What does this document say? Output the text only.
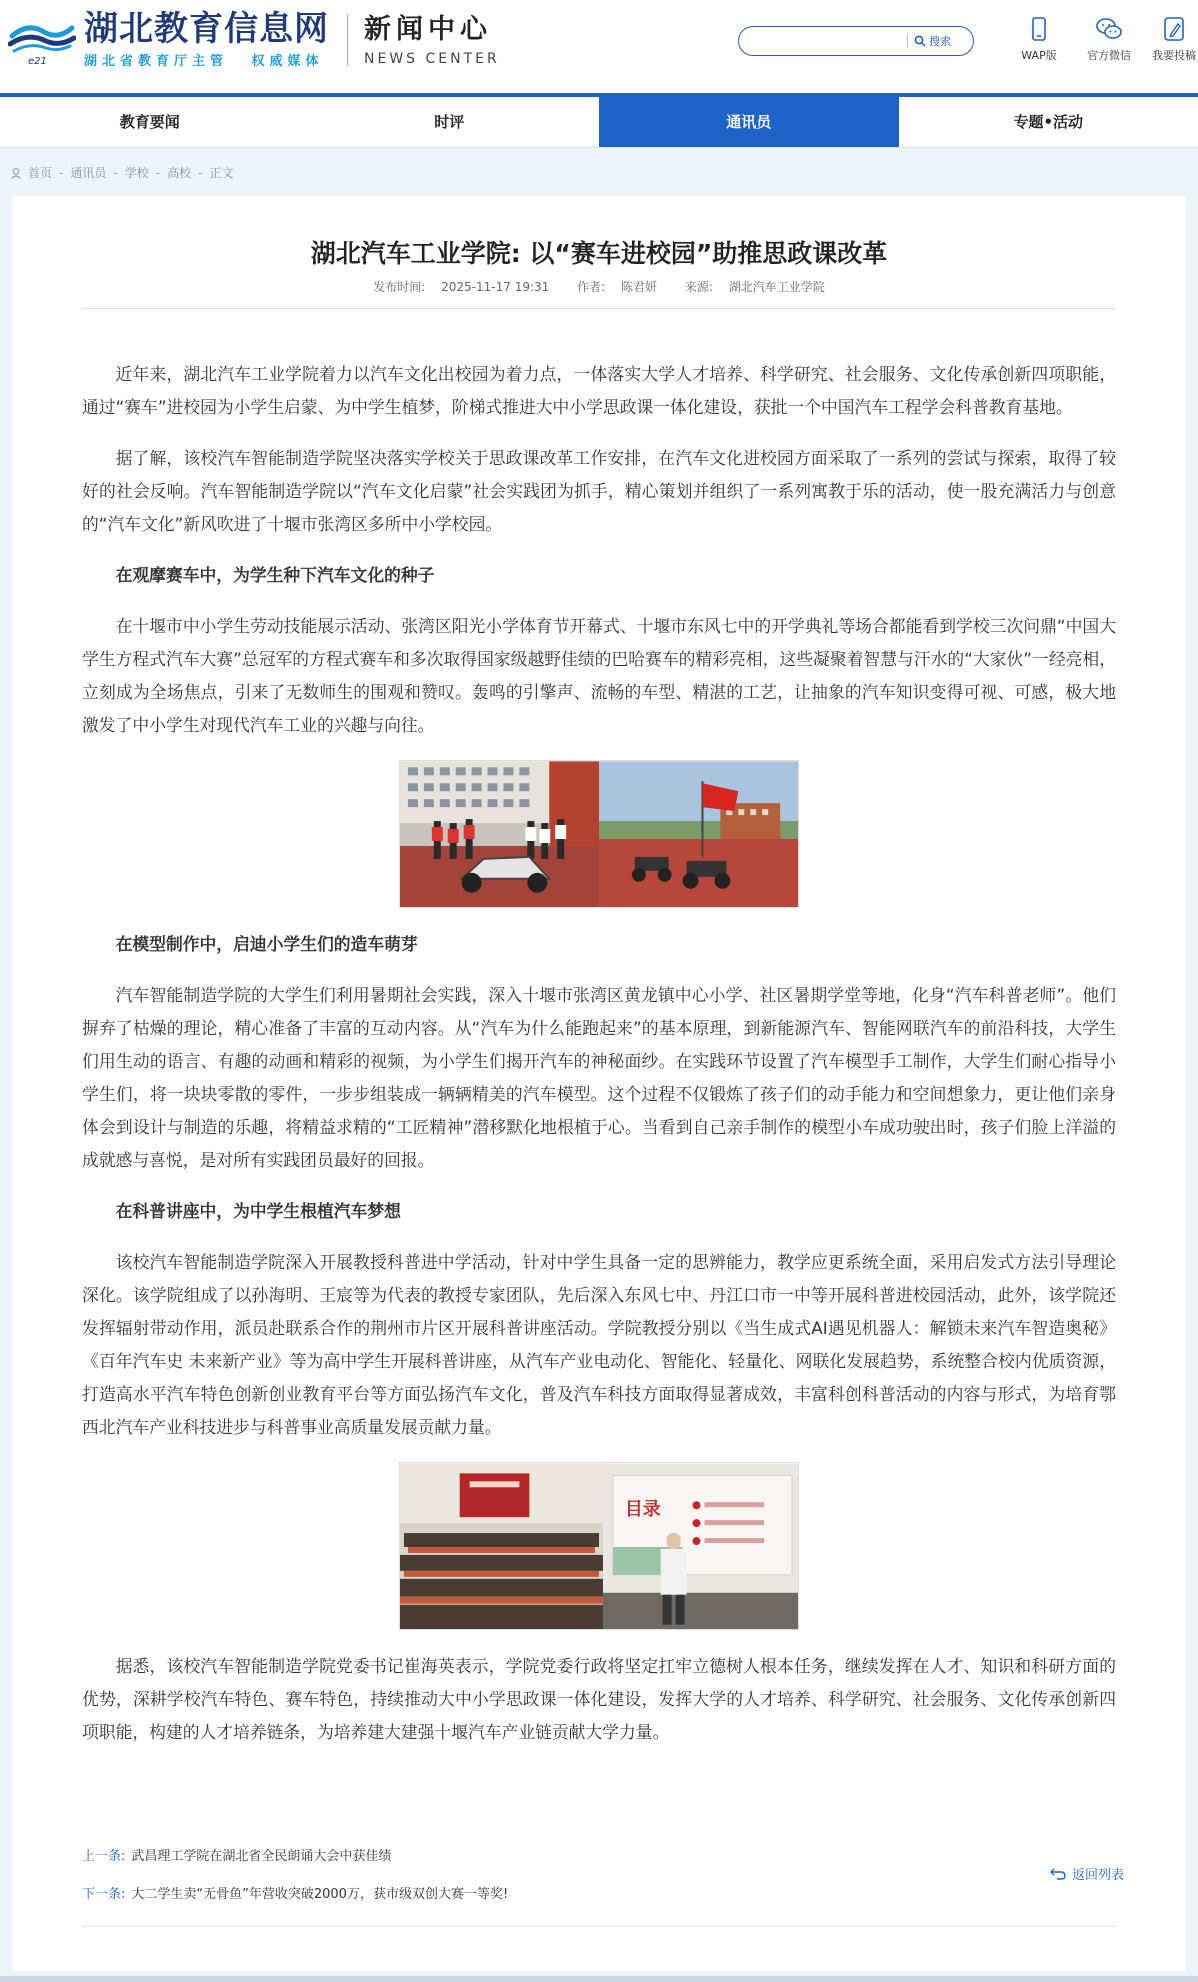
e21
湖北教育信息网
湖北省教育厅主管 权威媒体
新闻中心
NEWS CENTER
搜索
WAP版	官方微信	我要投稿
教育要闻	时评	通讯员	专题•活动
首页 - 通讯员 - 学校 - 高校 - 正文
湖北汽车工业学院: 以“赛车进校园”助推思政课改革
发布时间: 2025-11-17 19:31 作者: 陈君妍 来源: 湖北汽车工业学院

近年来，湖北汽车工业学院着力以汽车文化出校园为着力点，一体落实大学人才培养、科学研究、社会服务、文化传承创新四项职能，通过“赛车”进校园为小学生启蒙、为中学生植梦，阶梯式推进大中小学思政课一体化建设，获批一个中国汽车工程学会科普教育基地。

据了解，该校汽车智能制造学院坚决落实学校关于思政课改革工作安排，在汽车文化进校园方面采取了一系列的尝试与探索，取得了较好的社会反响。汽车智能制造学院以“汽车文化启蒙”社会实践团为抓手，精心策划并组织了一系列寓教于乐的活动，使一股充满活力与创意的“汽车文化”新风吹进了十堰市张湾区多所中小学校园。

在观摩赛车中，为学生种下汽车文化的种子

在十堰市中小学生劳动技能展示活动、张湾区阳光小学体育节开幕式、十堰市东风七中的开学典礼等场合都能看到学校三次问鼎“中国大学生方程式汽车大赛”总冠军的方程式赛车和多次取得国家级越野佳绩的巴哈赛车的精彩亮相，这些凝聚着智慧与汗水的“大家伙”一经亮相，立刻成为全场焦点，引来了无数师生的围观和赞叹。轰鸣的引擎声、流畅的车型、精湛的工艺，让抽象的汽车知识变得可视、可感，极大地激发了中小学生对现代汽车工业的兴趣与向往。

在模型制作中，启迪小学生们的造车萌芽

汽车智能制造学院的大学生们利用暑期社会实践，深入十堰市张湾区黄龙镇中心小学、社区暑期学堂等地，化身“汽车科普老师”。他们摒弃了枯燥的理论，精心准备了丰富的互动内容。从“汽车为什么能跑起来”的基本原理，到新能源汽车、智能网联汽车的前沿科技，大学生们用生动的语言、有趣的动画和精彩的视频，为小学生们揭开汽车的神秘面纱。在实践环节设置了汽车模型手工制作，大学生们耐心指导小学生们，将一块块零散的零件，一步步组装成一辆辆精美的汽车模型。这个过程不仅锻炼了孩子们的动手能力和空间想象力，更让他们亲身体会到设计与制造的乐趣，将精益求精的“工匠精神”潜移默化地根植于心。当看到自己亲手制作的模型小车成功驶出时，孩子们脸上洋溢的成就感与喜悦，是对所有实践团员最好的回报。

在科普讲座中，为中学生根植汽车梦想

该校汽车智能制造学院深入开展教授科普进中学活动，针对中学生具备一定的思辨能力，教学应更系统全面，采用启发式方法引导理论深化。该学院组成了以孙海明、王宸等为代表的教授专家团队，先后深入东风七中、丹江口市一中等开展科普进校园活动，此外，该学院还发挥辐射带动作用，派员赴联系合作的荆州市片区开展科普讲座活动。学院教授分别以《当生成式AI遇见机器人：解锁未来汽车智造奥秘》《百年汽车史 未来新产业》等为高中学生开展科普讲座，从汽车产业电动化、智能化、轻量化、网联化发展趋势，系统整合校内优质资源，打造高水平汽车特色创新创业教育平台等方面弘扬汽车文化，普及汽车科技方面取得显著成效，丰富科创科普活动的内容与形式，为培育鄂西北汽车产业科技进步与科普事业高质量发展贡献力量。

目录

据悉，该校汽车智能制造学院党委书记崔海英表示，学院党委行政将坚定扛牢立德树人根本任务，继续发挥在人才、知识和科研方面的优势，深耕学校汽车特色、赛车特色，持续推动大中小学思政课一体化建设，发挥大学的人才培养、科学研究、社会服务、文化传承创新四项职能，构建的人才培养链条，为培养建大建强十堰汽车产业链贡献大学力量。

上一条: 武昌理工学院在湖北省全民朗诵大会中获佳绩
下一条: 大二学生卖“无骨鱼”年营收突破2000万，获市级双创大赛一等奖!
返回列表
